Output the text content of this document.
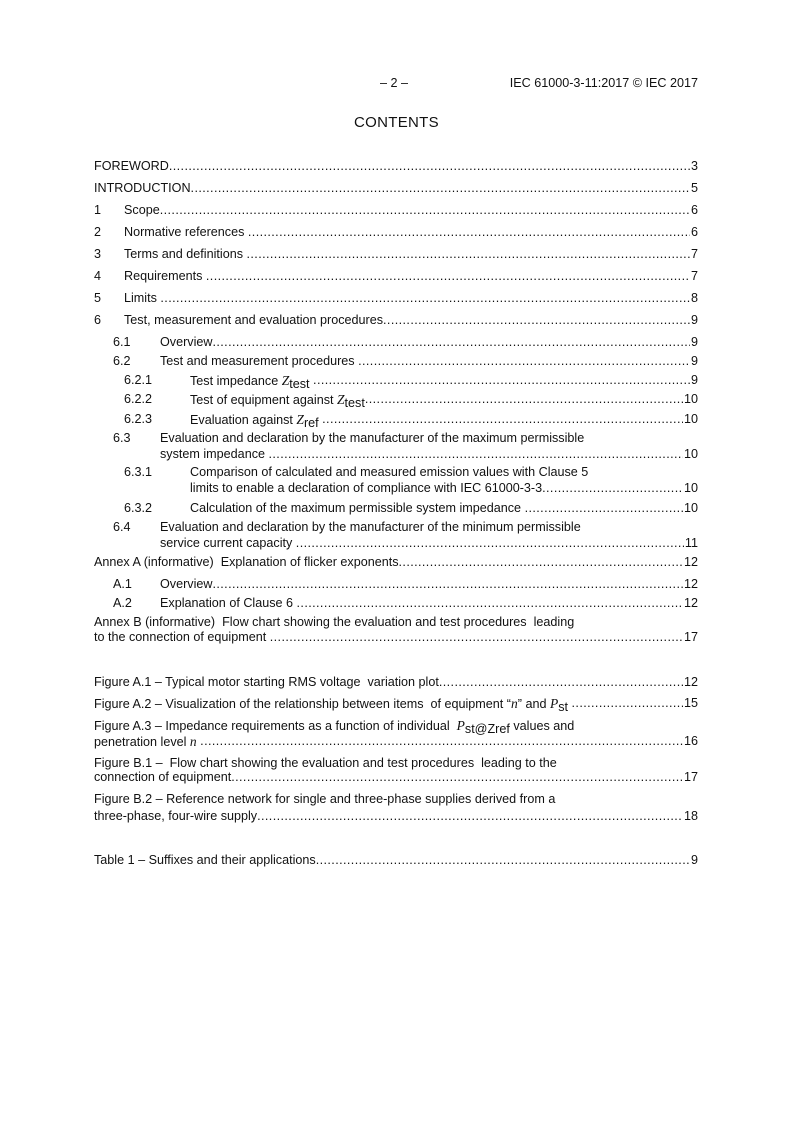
– 2 –	IEC 61000-3-11:2017 © IEC 2017
CONTENTS
FOREWORD .....	3
INTRODUCTION .....	5
1 Scope .....	6
2 Normative references .....	6
3 Terms and definitions .....	7
4 Requirements .....	7
5 Limits .....	8
6 Test, measurement and evaluation procedures .....	9
6.1 Overview .....	9
6.2 Test and measurement procedures .....	9
6.2.1	Test impedance Ztest .....	9
6.2.2	Test of equipment against Ztest .....	10
6.2.3	Evaluation against Zref .....	10
6.3 Evaluation and declaration by the manufacturer of the maximum permissible
system impedance .....	10
6.3.1	Comparison of calculated and measured emission values with Clause 5
limits to enable a declaration of compliance with IEC 61000-3-3 .....	10
6.3.2	Calculation of the maximum permissible system impedance .....	10
6.4 Evaluation and declaration by the manufacturer of the minimum permissible
service current capacity .....	11
Annex A (informative)  Explanation of flicker exponents .....	12
A.1 Overview .....	12
A.2 Explanation of Clause 6 .....	12
Annex B (informative)  Flow chart showing the evaluation and test procedures  leading
to the connection of equipment .....	17
Figure A.1 – Typical motor starting RMS voltage  variation plot .....	12
Figure A.2 – Visualization of the relationship between items  of equipment “n” and Pst .....	15
Figure A.3 – Impedance requirements as a function of individual  Pst@Zref values and
penetration level n .....	16
Figure B.1 –  Flow chart showing the evaluation and test procedures  leading to the
connection of equipment .....	17
Figure B.2 – Reference network for single and three-phase supplies derived from a
three-phase, four-wire supply .....	18
Table 1 – Suffixes and their applications .....	9
